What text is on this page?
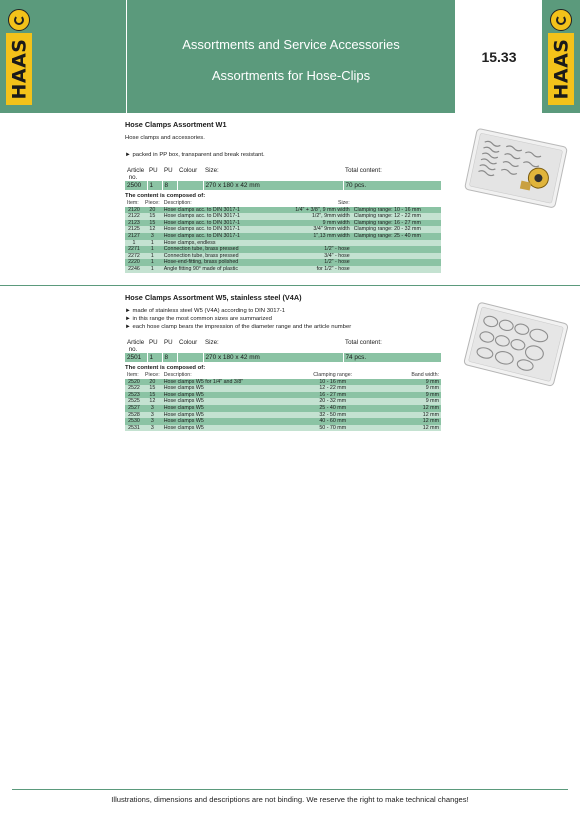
HAAS	Assortments and Service Accessories
Assortments for Hose-Clips
15.33	HAAS
Hose Clamps Assortment W1
Hose clamps and accessories.
► packed in PP box, transparent and break resistant.
Article
no.	PU	PU	Colour	Size:	Total content:
2500	1	8		270 x 180 x 42 mm	70 pcs.
The content is composed of:
Item:	Piece:	Description:	Size:	
2120	20	Hose clamps acc. to DIN 3017-1	1/4" + 3/8", 9 mm width	Clamping range: 10 - 16 mm
2122	15	Hose clamps acc. to DIN 3017-1	1/2", 9mm width	Clamping range: 12 - 22 mm
2123	15	Hose clamps acc. to DIN 3017-1	9 mm width	Clamping range: 16 - 27 mm
2125	12	Hose clamps acc. to DIN 3017-1	3/4" 9mm width	Clamping range: 20 - 32 mm
2127	3	Hose clamps acc. to DIN 3017-1	1",13 mm width	Clamping range: 25 - 40 mm
1	1	Hose clamps, endless		
2271	1	Connection tube, brass pressed	1/2" - hose	
2272	1	Connection tube, brass pressed	3/4" - hose	
2220	1	Hose-end-fitting, brass polished	1/2" - hose	
2246	1	Angle fitting 90° made of plastic	for 1/2" - hose	
Hose Clamps Assortment W5, stainless steel (V4A)
► made of stainless steel W5 (V4A) according to DIN 3017-1
► in this range the most common sizes are summarized
► each hose clamp bears the impression of the diameter range and the article number
Article
no.	PU	PU	Colour	Size:	Total content:
2501	1	8		270 x 180 x 42 mm	74 pcs.
The content is composed of:
Item:	Piece:	Description:	Clamping range:	Band width:
2520	20	Hose clamps W5 for 1/4" and 3/8"	10 - 16 mm	9 mm
2522	15	Hose clamps W5	12 - 22 mm	9 mm
2523	15	Hose clamps W5	16 - 27 mm	9 mm
2525	12	Hose clamps W5	20 - 32 mm	9 mm
2527	3	Hose clamps W5	25 - 40 mm	12 mm
2528	3	Hose clamps W5	32 - 50 mm	12 mm
2530	3	Hose clamps W5	40 - 60 mm	12 mm
2531	3	Hose clamps W5	50 - 70 mm	12 mm
Illustrations, dimensions and descriptions are not binding. We reserve the right to make technical changes!
